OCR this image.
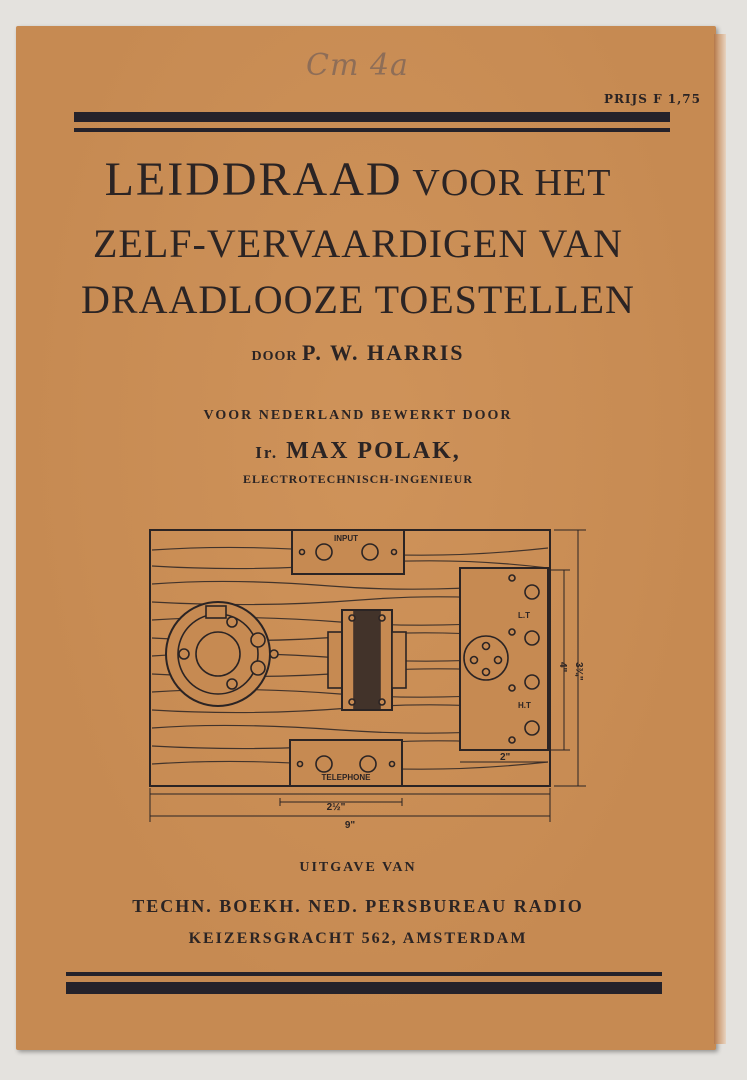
Cm 4a
PRIJS F 1,75
LEIDDRAAD VOOR HET
ZELF-VERVAARDIGEN VAN
DRAADLOOZE TOESTELLEN
DOOR P. W. HARRIS
VOOR NEDERLAND BEWERKT DOOR
Ir. MAX POLAK,
ELECTROTECHNISCH-INGENIEUR
INPUT
TELEPHONE
L.T
H.T
3¾"
4"
2"
2½"
9"
UITGAVE VAN
TECHN. BOEKH. NED. PERSBUREAU RADIO
KEIZERSGRACHT 562, AMSTERDAM
